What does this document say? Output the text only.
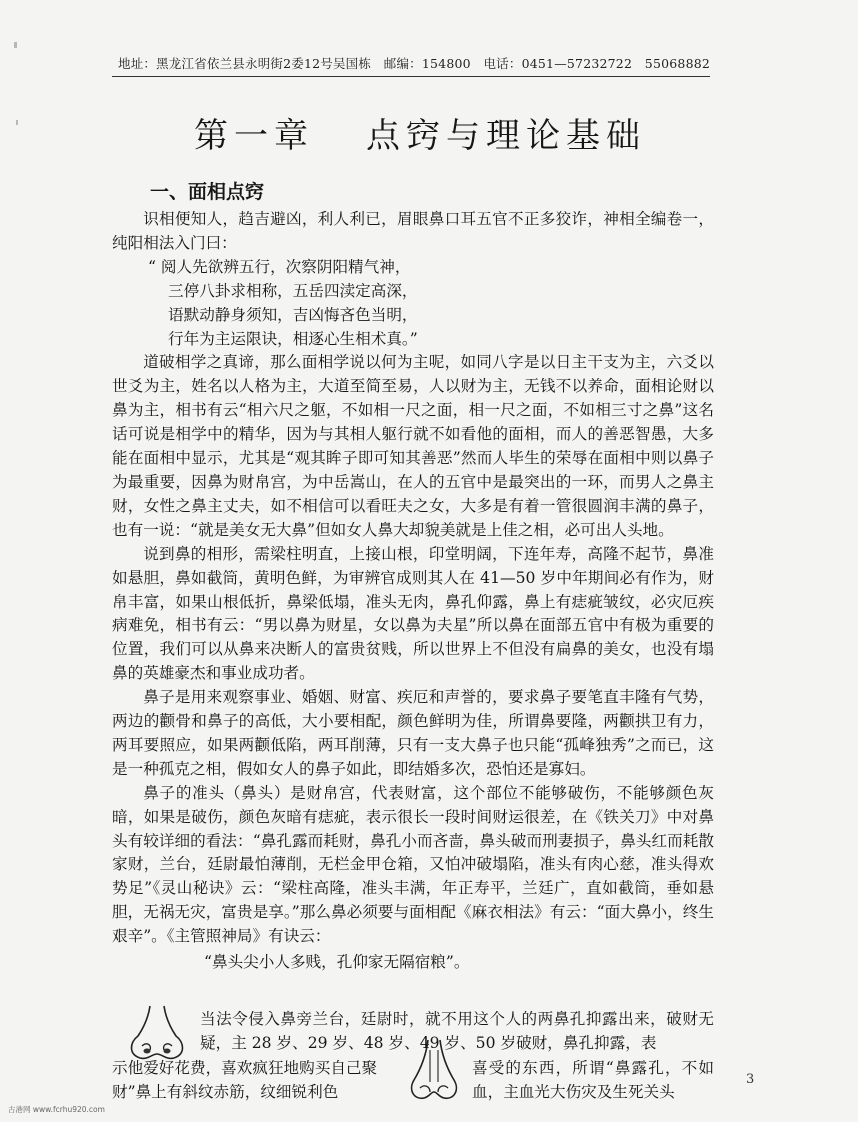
地址：黑龙江省依兰县永明街2委12号吴国栋　邮编：154800　电话：0451—57232722　55068882
第一章 点窍与理论基础
一、面相点窍

识相便知人，趋吉避凶，利人利已，眉眼鼻口耳五官不正多狡诈，神相全编卷一，纯阳相法入门曰：

“ 阅人先欲辨五行，次察阴阳精气神，
三停八卦求相称，五岳四渎定高深，
语默动静身须知，吉凶悔吝色当明，
行年为主运限诀，相逐心生相术真。”

道破相学之真谛，那么面相学说以何为主呢，如同八字是以日主干支为主，六爻以世爻为主，姓名以人格为主，大道至简至易，人以财为主，无钱不以养命，面相论财以鼻为主，相书有云“相六尺之躯，不如相一尺之面，相一尺之面，不如相三寸之鼻”这名话可说是相学中的精华，因为与其相人躯行就不如看他的面相，而人的善恶智愚，大多能在面相中显示，尤其是“观其眸子即可知其善恶”然而人毕生的荣辱在面相中则以鼻子为最重要，因鼻为财帛宫，为中岳嵩山，在人的五官中是最突出的一环，而男人之鼻主财，女性之鼻主丈夫，如不相信可以看旺夫之女，大多是有着一管很圆润丰满的鼻子，也有一说：“就是美女无大鼻”但如女人鼻大却貌美就是上佳之相，必可出人头地。

说到鼻的相形，需梁柱明直，上接山根，印堂明阔，下连年寿，高隆不起节，鼻准如悬胆，鼻如截筒，黄明色鲜，为审辨官成则其人在 41—50 岁中年期间必有作为，财帛丰富，如果山根低折，鼻梁低塌，准头无肉，鼻孔仰露，鼻上有痣疵皱纹，必灾厄疾病难免，相书有云：“男以鼻为财星，女以鼻为夫星”所以鼻在面部五官中有极为重要的位置，我们可以从鼻来决断人的富贵贫贱，所以世界上不但没有扁鼻的美女，也没有塌鼻的英雄豪杰和事业成功者。

鼻子是用来观察事业、婚姻、财富、疾厄和声誉的，要求鼻子要笔直丰隆有气势，两边的颧骨和鼻子的高低，大小要相配，颜色鲜明为佳，所谓鼻要隆，两颧拱卫有力，两耳要照应，如果两颧低陷，两耳削薄，只有一支大鼻子也只能“孤峰独秀”之而已，这是一种孤克之相，假如女人的鼻子如此，即结婚多次，恐怕还是寡妇。

鼻子的准头（鼻头）是财帛宫，代表财富，这个部位不能够破伤，不能够颜色灰暗，如果是破伤，颜色灰暗有痣疵，表示很长一段时间财运很差，在《铁关刀》中对鼻头有较详细的看法：“鼻孔露而耗财，鼻孔小而吝啬，鼻头破而刑妻损子，鼻头红而耗散家财，兰台，廷尉最怕薄削，无栏金甲仓箱，又怕冲破塌陷，准头有肉心慈，准头得欢势足”《灵山秘诀》云：“梁柱高隆，准头丰满，年正寿平，兰廷广，直如截筒，垂如悬胆，无祸无灾，富贵是享。”那么鼻必须要与面相配《麻衣相法》有云：“面大鼻小，终生艰辛”。《主管照神局》有诀云：

“鼻头尖小人多贱，孔仰家无隔宿粮”。
当法令侵入鼻旁兰台，廷尉时，就不用这个人的两鼻孔抑露出来，破财无疑，主 28 岁、29 岁、48 岁、49 岁、50 岁破财，鼻孔抑露，表
示他爱好花费，喜欢疯狂地购买自己聚财”鼻上有斜纹赤筋，纹细锐利色
喜受的东西，所谓“鼻露孔，不如血，主血光大伤灾及生死关头
3
古港网 www.fcrhu920.com
